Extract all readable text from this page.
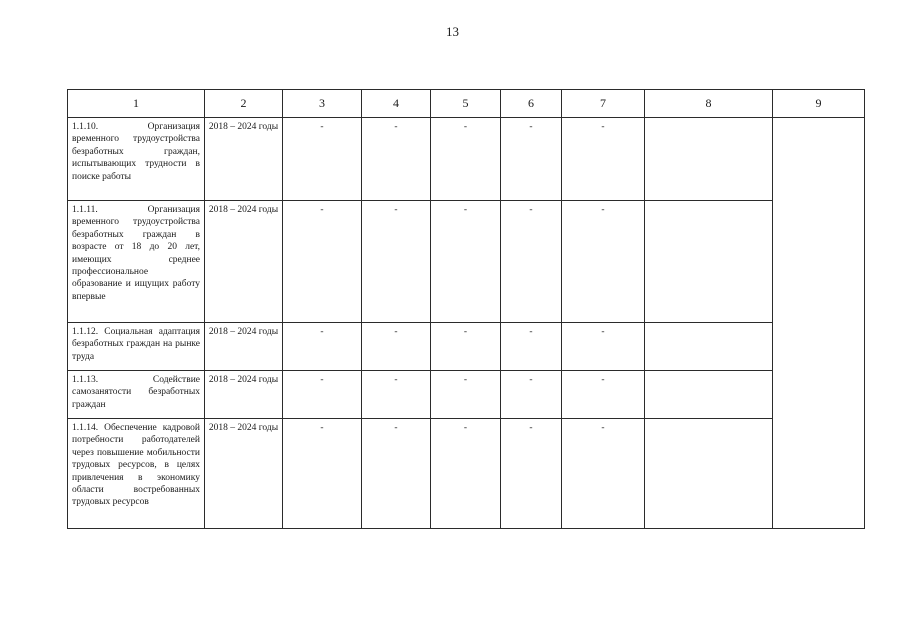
13
1	2	3	4	5	6	7	8	9
1.1.10. Организация временного трудоустройства безработных граждан, испытывающих трудности в поиске работы	2018 – 2024 годы	-	-	-	-	-		
1.1.11. Организация временного трудоустройства безработных граждан в возрасте от 18 до 20 лет, имеющих среднее профессиональное образование и ищущих работу впервые	2018 – 2024 годы	-	-	-	-	-		
1.1.12. Социальная адаптация безработных граждан на рынке труда	2018 – 2024 годы	-	-	-	-	-		
1.1.13. Содействие самозанятости безработных граждан	2018 – 2024 годы	-	-	-	-	-		
1.1.14. Обеспечение кадровой потребности работодателей через повышение мобильности трудовых ресурсов, в целях привлечения в экономику области востребованных трудовых ресурсов	2018 – 2024 годы	-	-	-	-	-		
